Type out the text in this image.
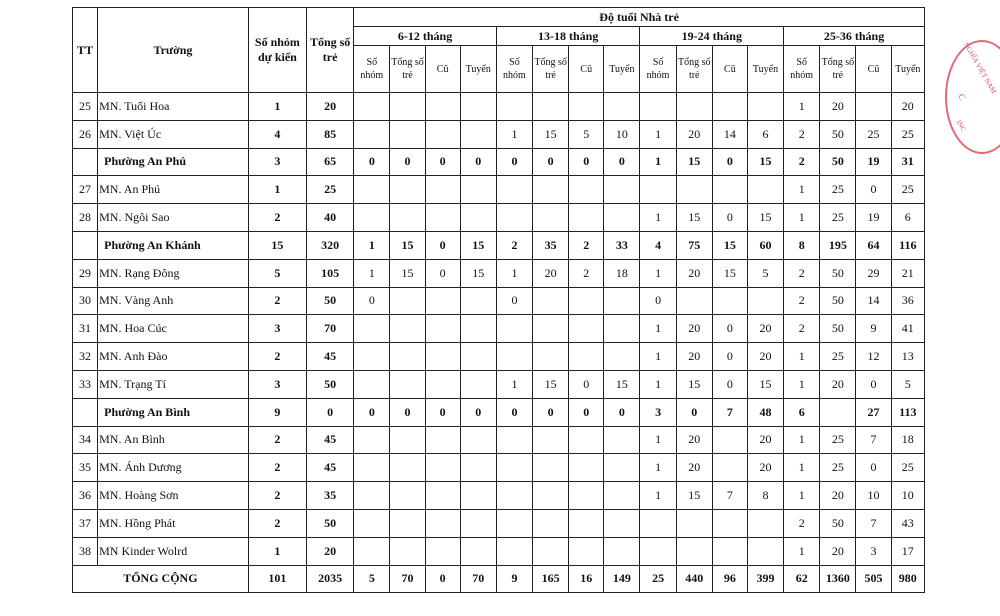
TT	Trường	Số nhóm dự kiến	Tổng số trẻ	Độ tuổi Nhà trẻ															
				6-12 tháng				13-18 tháng				19-24 tháng				25-36 tháng			
				Số nhóm	Tổng số trẻ	Cũ	Tuyển	Số nhóm	Tổng số trẻ	Cũ	Tuyển	Số nhóm	Tổng số trẻ	Cũ	Tuyển	Số nhóm	Tổng số trẻ	Cũ	Tuyển
25	MN. Tuổi Hoa	1	20													1	20		20
26	MN. Việt Úc	4	85					1	15	5	10	1	20	14	6	2	50	25	25
	Phường An Phú	3	65	0	0	0	0	0	0	0	0	1	15	0	15	2	50	19	31
27	MN. An Phú	1	25													1	25	0	25
28	MN. Ngôi Sao	2	40									1	15	0	15	1	25	19	6
	Phường An Khánh	15	320	1	15	0	15	2	35	2	33	4	75	15	60	8	195	64	116
29	MN. Rạng Đông	5	105	1	15	0	15	1	20	2	18	1	20	15	5	2	50	29	21
30	MN. Vàng Anh	2	50	0				0				0				2	50	14	36
31	MN. Hoa Cúc	3	70									1	20	0	20	2	50	9	41
32	MN. Anh Đào	2	45									1	20	0	20	1	25	12	13
33	MN. Trạng Tí	3	50					1	15	0	15	1	15	0	15	1	20	0	5
	Phường An Bình	9	0	0	0	0	0	0	0	0	0	3	0	7	48	6		27	113
34	MN. An Bình	2	45									1	20		20	1	25	7	18
35	MN. Ánh Dương	2	45									1	20		20	1	25	0	25
36	MN. Hoàng Sơn	2	35									1	15	7	8	1	20	10	10
37	MN. Hồng Phát	2	50													2	50	7	43
38	MN Kinder Wolrd	1	20													1	20	3	17
TỔNG CỘNG		101	2035	5	70	0	70	9	165	16	149	25	440	96	399	62	1360	505	980
NGHĨA VIỆT NAM
C
INC
